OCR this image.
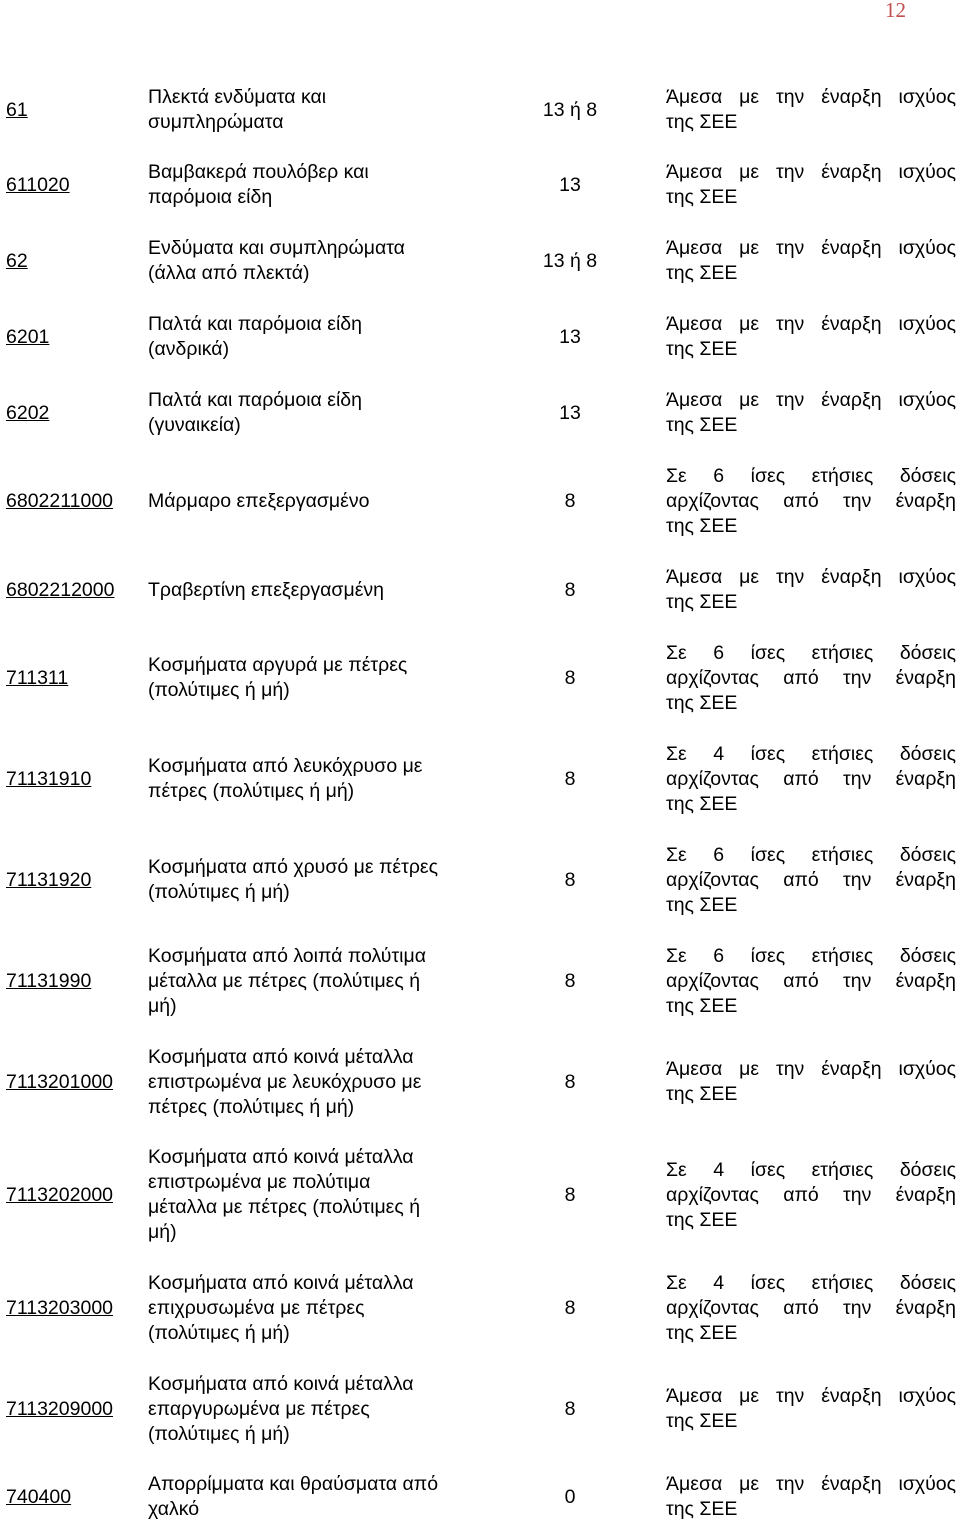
12
61
Πλεκτά ενδύματα και
συμπληρώματα
13 ή 8
Άμεσα με την έναρξη ισχύος
της ΣΕΕ
611020
Βαμβακερά πουλόβερ και
παρόμοια είδη
13
Άμεσα με την έναρξη ισχύος
της ΣΕΕ
62
Ενδύματα και συμπληρώματα
(άλλα από πλεκτά)
13 ή 8
Άμεσα με την έναρξη ισχύος
της ΣΕΕ
6201
Παλτά και παρόμοια είδη
(ανδρικά)
13
Άμεσα με την έναρξη ισχύος
της ΣΕΕ
6202
Παλτά και παρόμοια είδη
(γυναικεία)
13
Άμεσα με την έναρξη ισχύος
της ΣΕΕ
6802211000 Μάρμαρο επεξεργασμένο	8
Σε 6 ίσες ετήσιες δόσεις
αρχίζοντας από την έναρξη
της ΣΕΕ
6802212000 Τραβερτίνη επεξεργασμένη	8
Άμεσα με την έναρξη ισχύος
της ΣΕΕ
711311
Κοσμήματα αργυρά με πέτρες
(πολύτιμες ή μή)
8
Σε 6 ίσες ετήσιες δόσεις
αρχίζοντας από την έναρξη
της ΣΕΕ
71131910
Κοσμήματα από λευκόχρυσο με
πέτρες (πολύτιμες ή μή)
8
Σε 4 ίσες ετήσιες δόσεις
αρχίζοντας από την έναρξη
της ΣΕΕ
71131920
Κοσμήματα από χρυσό με πέτρες
(πολύτιμες ή μή)
8
Σε 6 ίσες ετήσιες δόσεις
αρχίζοντας από την έναρξη
της ΣΕΕ
71131990
Κοσμήματα από λοιπά πολύτιμα
μέταλλα με πέτρες (πολύτιμες ή
μή)
8
Σε 6 ίσες ετήσιες δόσεις
αρχίζοντας από την έναρξη
της ΣΕΕ
7113201000
Κοσμήματα από κοινά μέταλλα
επιστρωμένα με λευκόχρυσο με
πέτρες (πολύτιμες ή μή)
8
Άμεσα με την έναρξη ισχύος
της ΣΕΕ
7113202000
Κοσμήματα από κοινά μέταλλα
επιστρωμένα με πολύτιμα
μέταλλα με πέτρες (πολύτιμες ή
μή)
8
Σε 4 ίσες ετήσιες δόσεις
αρχίζοντας από την έναρξη
της ΣΕΕ
7113203000
Κοσμήματα από κοινά μέταλλα
επιχρυσωμένα με πέτρες
(πολύτιμες ή μή)
8
Σε 4 ίσες ετήσιες δόσεις
αρχίζοντας από την έναρξη
της ΣΕΕ
7113209000
Κοσμήματα από κοινά μέταλλα
επαργυρωμένα με πέτρες
(πολύτιμες ή μή)
8
Άμεσα με την έναρξη ισχύος
της ΣΕΕ
740400
Απορρίμματα και θραύσματα από
χαλκό
0
Άμεσα με την έναρξη ισχύος
της ΣΕΕ
